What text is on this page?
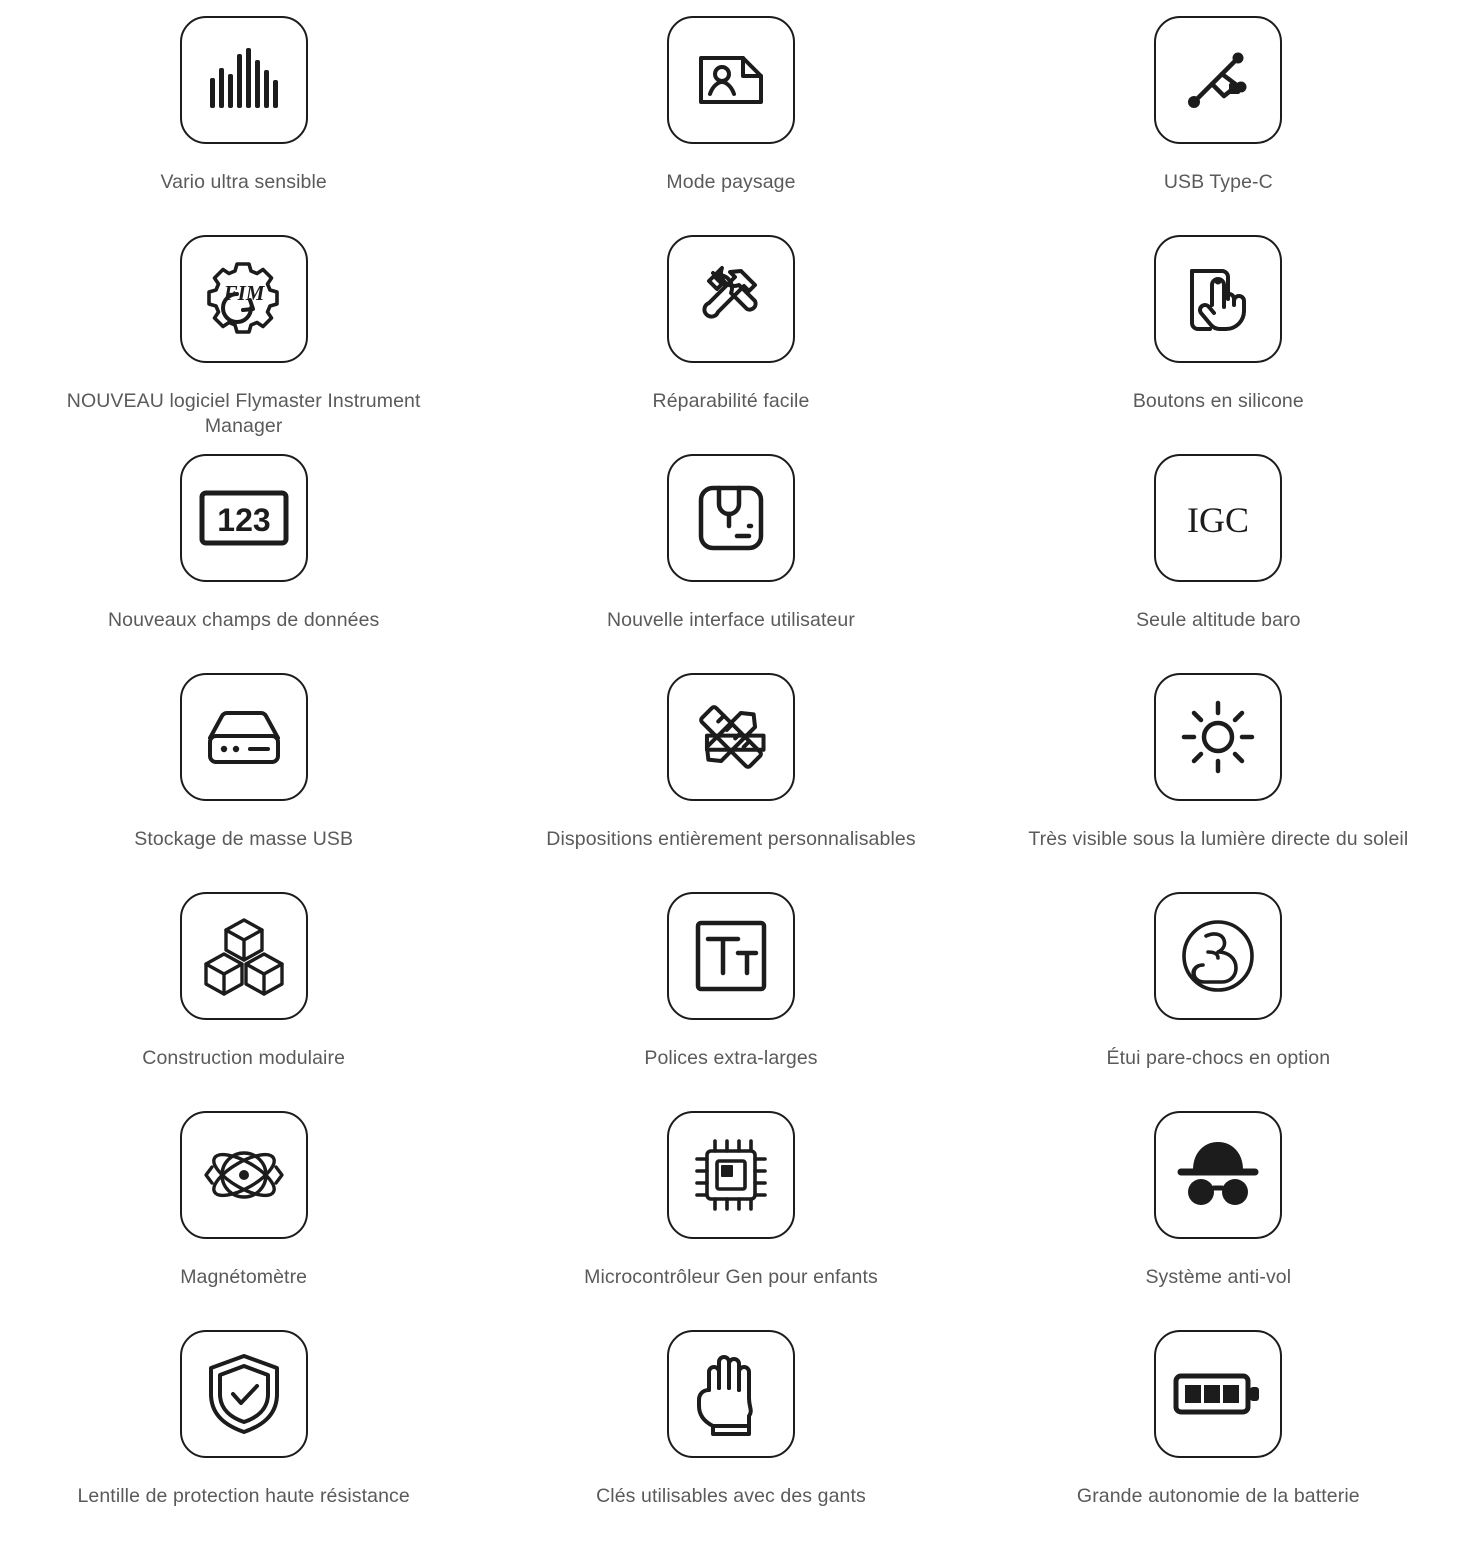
Vario ultra sensible	Mode paysage	USB Type-C
FIM
NOUVEAU logiciel Flymaster Instrument Manager
Réparabilité facile	Boutons en silicone
123
Nouveaux champs de données	Nouvelle interface utilisateur
IGC
Seule altitude baro
Stockage de masse USB	Dispositions entièrement personnalisables	Très visible sous la lumière directe du soleil
Construction modulaire	Polices extra-larges	Étui pare-chocs en option
Magnétomètre	Microcontrôleur Gen pour enfants	Système anti-vol
Lentille de protection haute résistance	Clés utilisables avec des gants	Grande autonomie de la batterie
